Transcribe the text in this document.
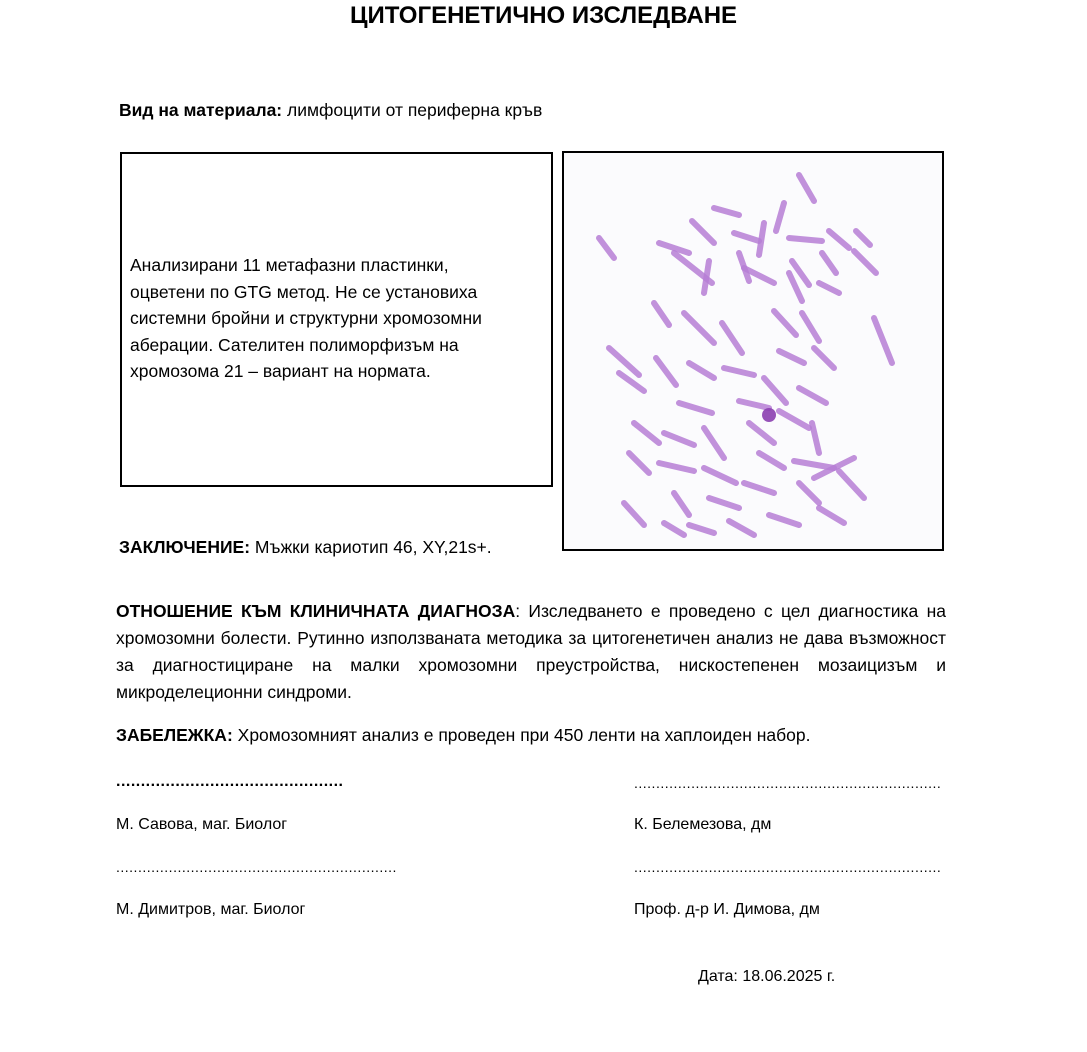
ЦИТОГЕНЕТИЧНО ИЗСЛЕДВАНЕ
Вид на материала: лимфоцити от периферна кръв
Анализирани 11 метафазни пластинки,
оцветени по GTG метод. Не се установиха
системни бройни и структурни хромозомни
аберации. Сателитен полиморфизъм на
хромозома 21 – вариант на нормата.
ЗАКЛЮЧЕНИЕ: Мъжки кариотип 46, XY,21s+.
ОТНОШЕНИЕ КЪМ КЛИНИЧНАТА ДИАГНОЗА: Изследването е проведено с цел диагностика на хромозомни болести. Рутинно използваната методика за цитогенетичен анализ не дава възможност за диагностициране на малки хромозомни преустройства, нискостепенен мозаицизъм и микроделеционни синдроми.
ЗАБЕЛЕЖКА: Хромозомният анализ е проведен при 450 ленти на хаплоиден набор.
..............................................	......................................................................
М. Савова, маг. Биолог	К. Белемезова, дм
................................................................	......................................................................
М. Димитров, маг. Биолог	Проф. д-р И. Димова, дм
Дата: 18.06.2025 г.
